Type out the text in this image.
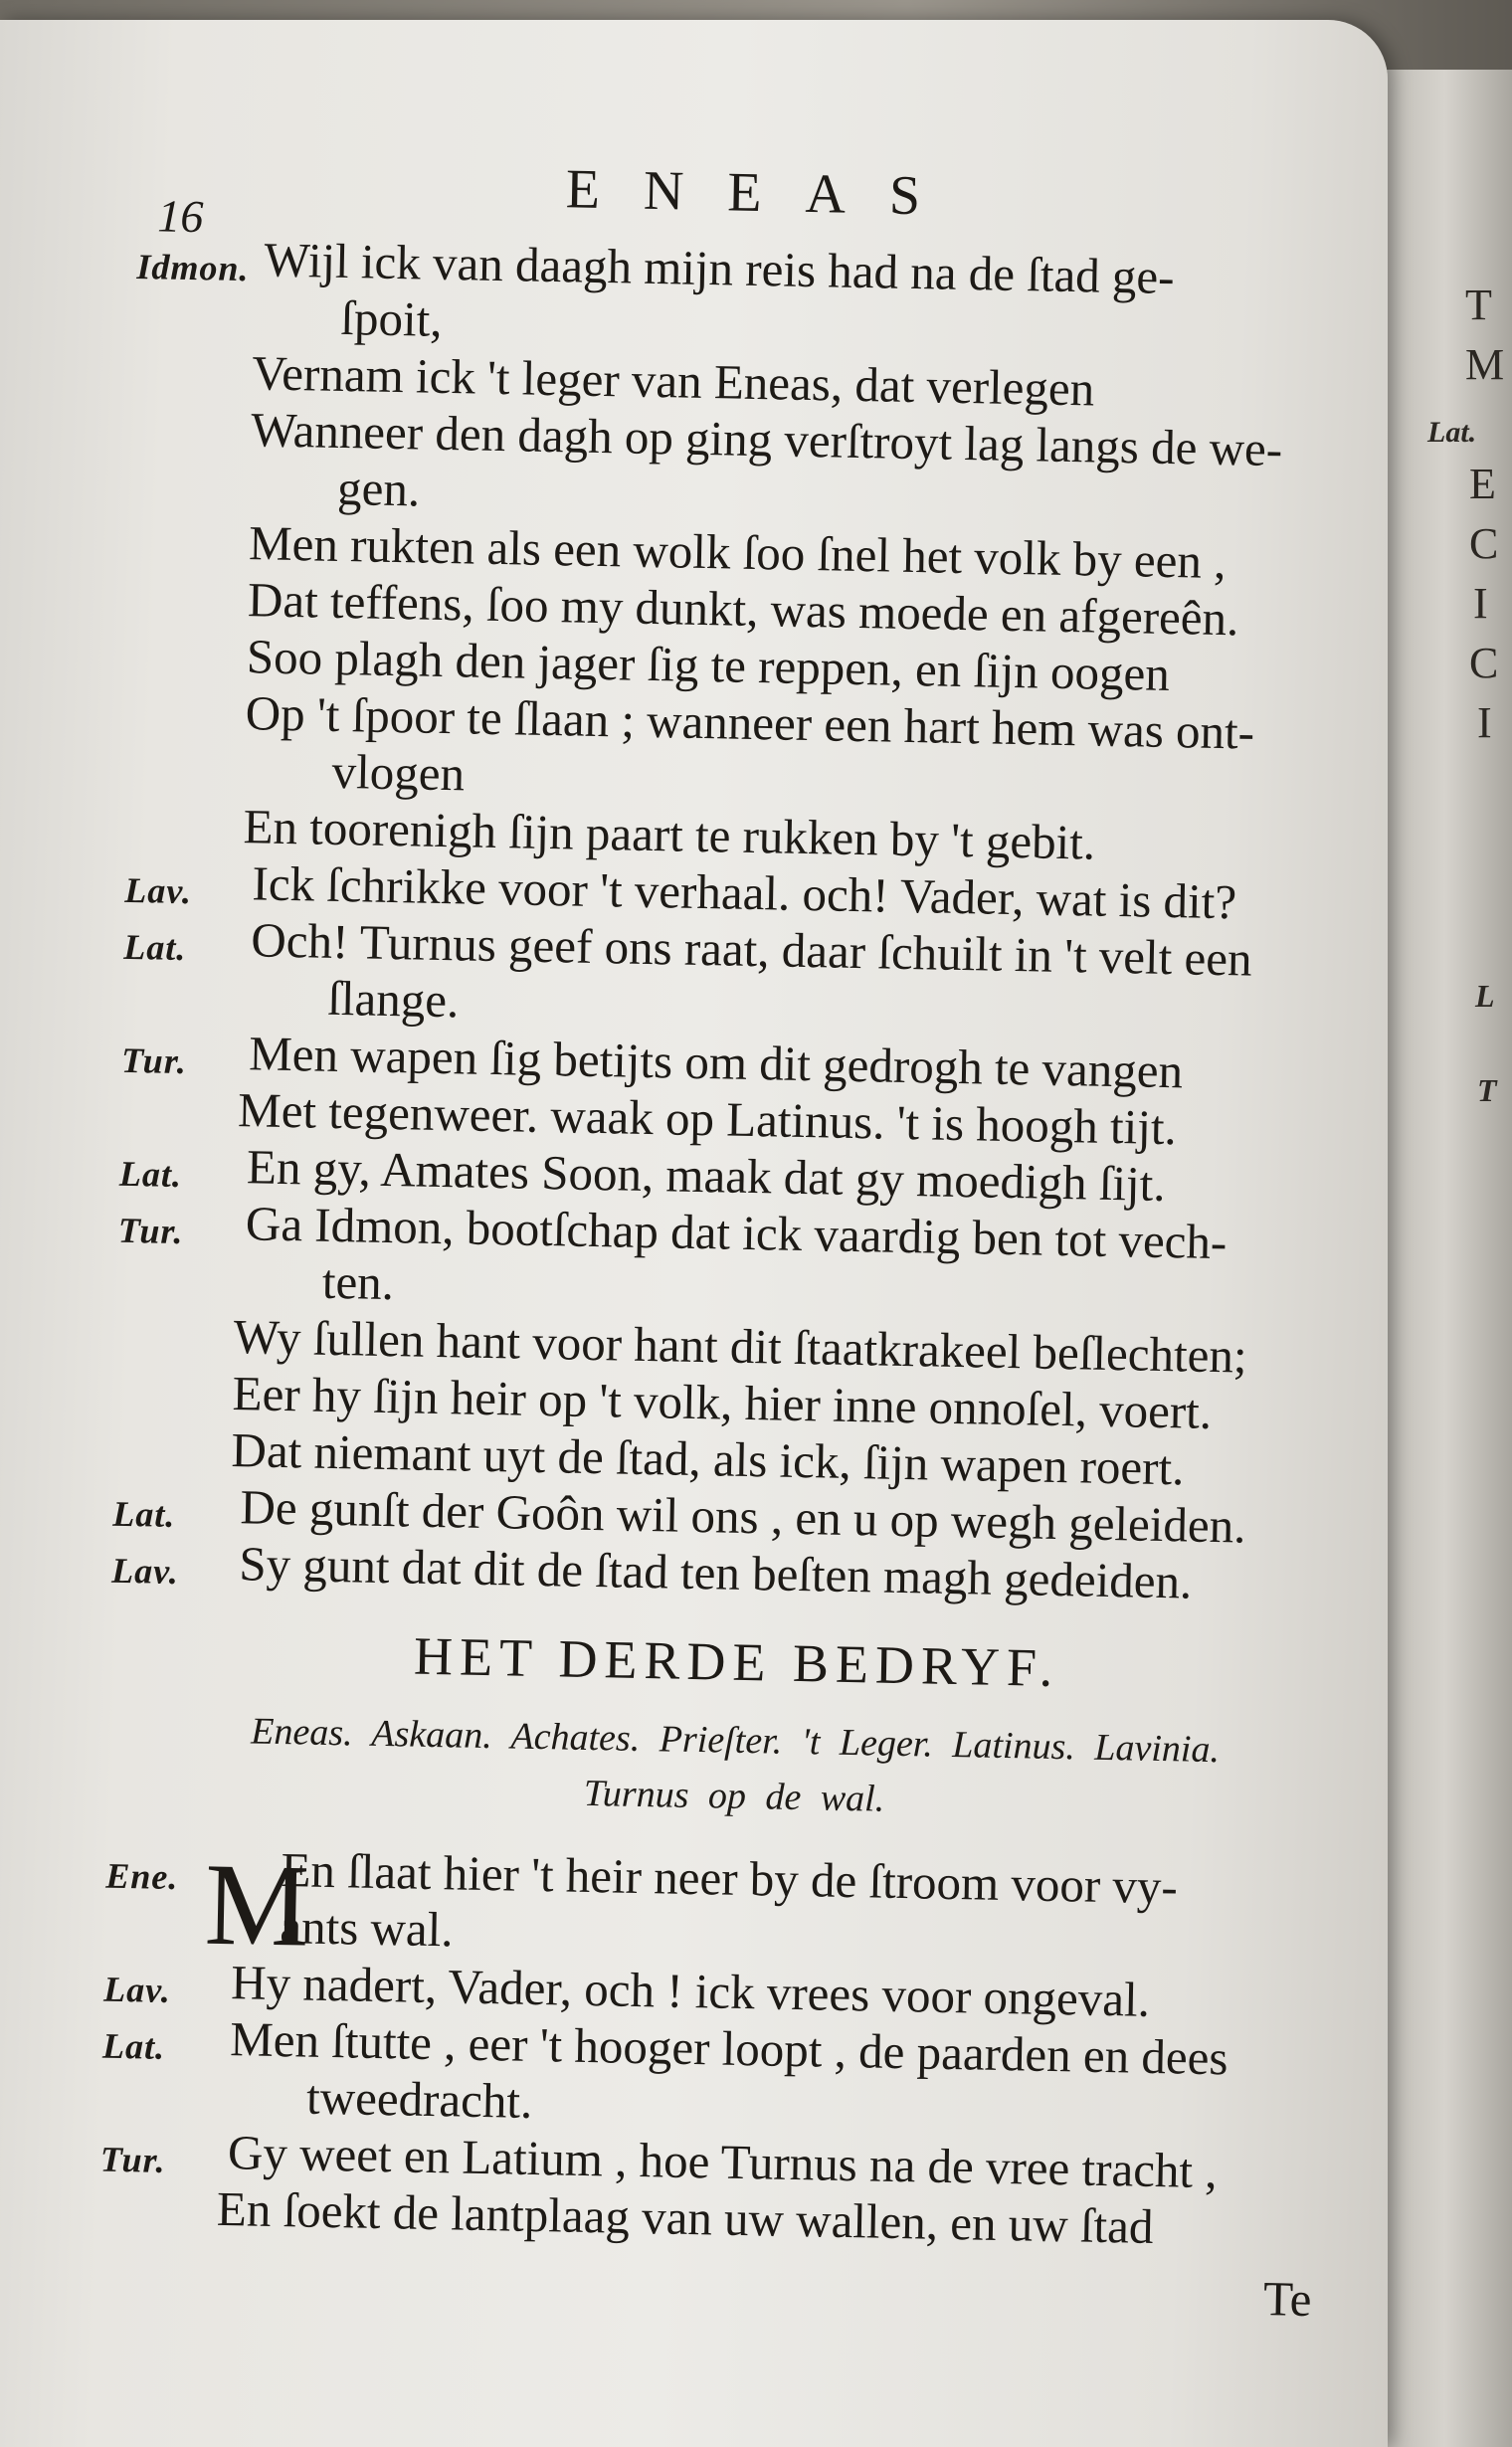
T
M
Lat.
E
C
I
C
I
L
T
16	ENEAS
Idmon. Wijl ick van daagh mijn reis had na de ſtad ge-
ſpoit,
Vernam ick 't leger van Eneas, dat verlegen
Wanneer den dagh op ging verſtroyt lag langs de we-
gen.
Men rukten als een wolk ſoo ſnel het volk by een ,
Dat teffens, ſoo my dunkt, was moede en afgereên.
Soo plagh den jager ſig te reppen, en ſijn oogen
Op 't ſpoor te ſlaan ; wanneer een hart hem was ont-
vlogen
En toorenigh ſijn paart te rukken by 't gebit.
Lav. Ick ſchrikke voor 't verhaal. och! Vader, wat is dit?
Lat. Och! Turnus geef ons raat, daar ſchuilt in 't velt een
ſlange.
Tur. Men wapen ſig betijts om dit gedrogh te vangen
Met tegenweer. waak op Latinus. 't is hoogh tijt.
Lat. En gy, Amates Soon, maak dat gy moedigh ſijt.
Tur. Ga Idmon, bootſchap dat ick vaardig ben tot vech-
ten.
Wy ſullen hant voor hant dit ſtaatkrakeel beſlechten;
Eer hy ſijn heir op 't volk, hier inne onnoſel, voert.
Dat niemant uyt de ſtad, als ick, ſijn wapen roert.
Lat. De gunſt der Goôn wil ons , en u op wegh geleiden.
Lav. Sy gunt dat dit de ſtad ten beſten magh gedeiden.
HET DERDE BEDRYF.
Eneas. Askaan. Achates. Prieſter. 't Leger. Latinus. Lavinia.
Turnus op de wal.
M
Ene. En ſlaat hier 't heir neer by de ſtroom voor vy-
ants wal.
Lav. Hy nadert, Vader, och ! ick vrees voor ongeval.
Lat. Men ſtutte , eer 't hooger loopt , de paarden en dees
tweedracht.
Tur. Gy weet en Latium , hoe Turnus na de vree tracht ,
En ſoekt de lantplaag van uw wallen, en uw ſtad
Te
